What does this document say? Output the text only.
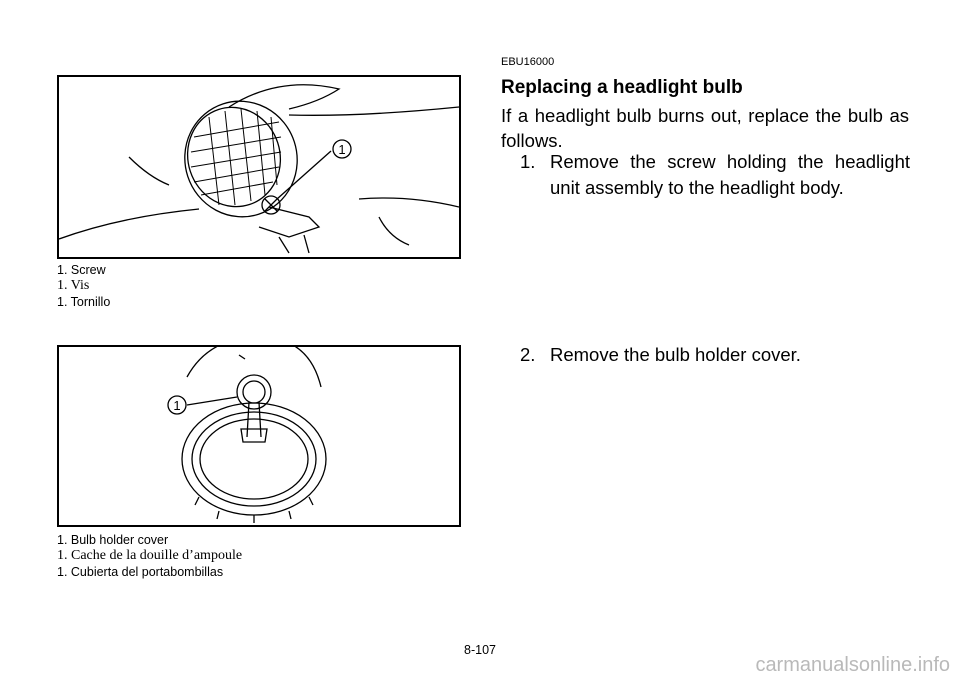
1
1. Screw
1. Vis
1. Tornillo
1
1. Bulb holder cover
1. Cache de la douille d’ampoule
1. Cubierta del portabombillas
EBU16000
Replacing a headlight bulb
If a headlight bulb burns out, replace the bulb as follows.
1. Remove the screw holding the headlight unit assembly to the headlight body.
2. Remove the bulb holder cover.
8-107
carmanualsonline.info
